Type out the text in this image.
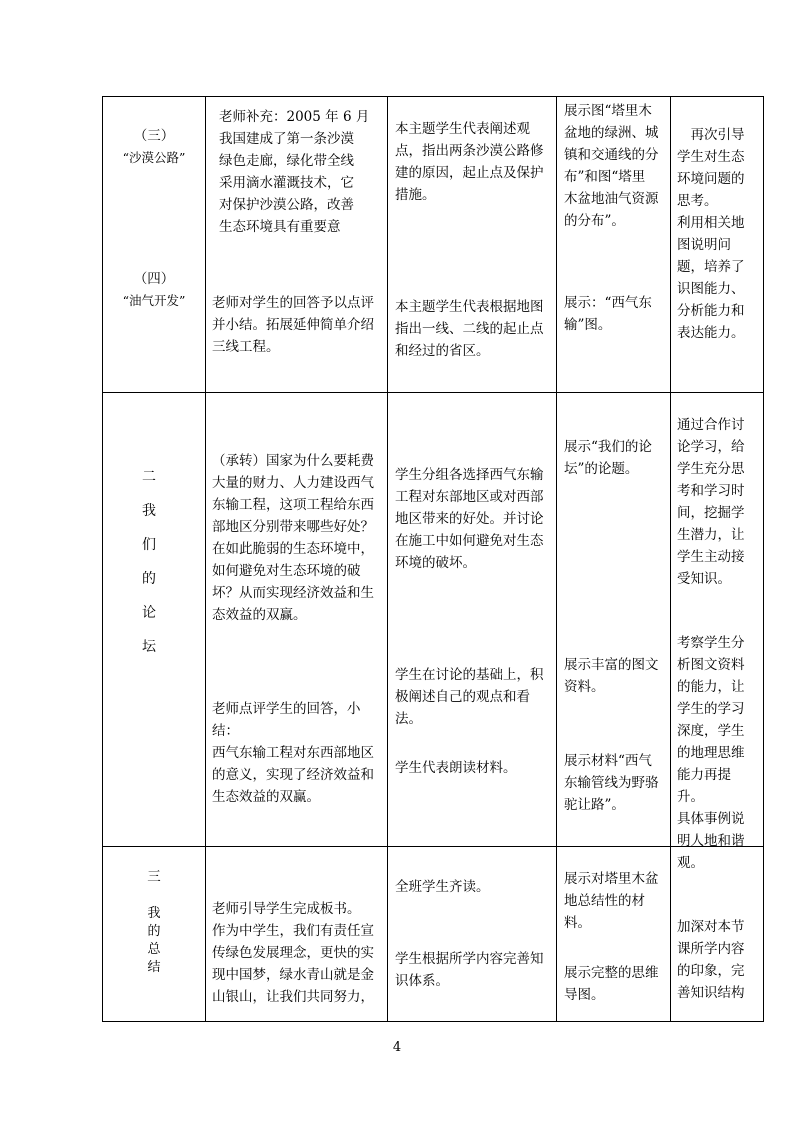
（三）
“沙漠公路”
（四）
“油气开发”
老师补充：2005 年 6 月
我国建成了第一条沙漠
绿色走廊，绿化带全线
采用滴水灌溉技术，它
对保护沙漠公路，改善
生态环境具有重要意
老师对学生的回答予以点评
并小结。拓展延伸简单介绍
三线工程。
本主题学生代表阐述观
点，指出两条沙漠公路修
建的原因，起止点及保护
措施。
本主题学生代表根据地图
指出一线、二线的起止点
和经过的省区。
展示图“塔里木
盆地的绿洲、城
镇和交通线的分
布”和图“塔里
木盆地油气资源
的分布”。
展示：“西气东
输”图。
　再次引导
学生对生态
环境问题的
思考。
利用相关地
图说明问
题，培养了
识图能力、
分析能力和
表达能力。
二
我
们
的
论
坛
（承转）国家为什么要耗费
大量的财力、人力建设西气
东输工程，这项工程给东西
部地区分别带来哪些好处？
在如此脆弱的生态环境中，
如何避免对生态环境的破
坏？从而实现经济效益和生
态效益的双赢。
老师点评学生的回答，小
结：
西气东输工程对东西部地区
的意义，实现了经济效益和
生态效益的双赢。
学生分组各选择西气东输
工程对东部地区或对西部
地区带来的好处。并讨论
在施工中如何避免对生态
环境的破坏。
学生在讨论的基础上，积
极阐述自己的观点和看
法。
学生代表朗读材料。
展示“我们的论
坛”的论题。
展示丰富的图文
资料。
展示材料“西气
东输管线为野骆
驼让路”。
通过合作讨
论学习，给
学生充分思
考和学习时
间，挖掘学
生潜力，让
学生主动接
受知识。
考察学生分
析图文资料
的能力，让
学生的学习
深度，学生
的地理思维
能力再提
升。
具体事例说
明人地和谐
观。
三
我
的
总
结
老师引导学生完成板书。
作为中学生，我们有责任宣
传绿色发展理念，更快的实
现中国梦，绿水青山就是金
山银山，让我们共同努力，
全班学生齐读。
学生根据所学内容完善知
识体系。
展示对塔里木盆
地总结性的材
料。
展示完整的思维
导图。
加深对本节
课所学内容
的印象，完
善知识结构
4
